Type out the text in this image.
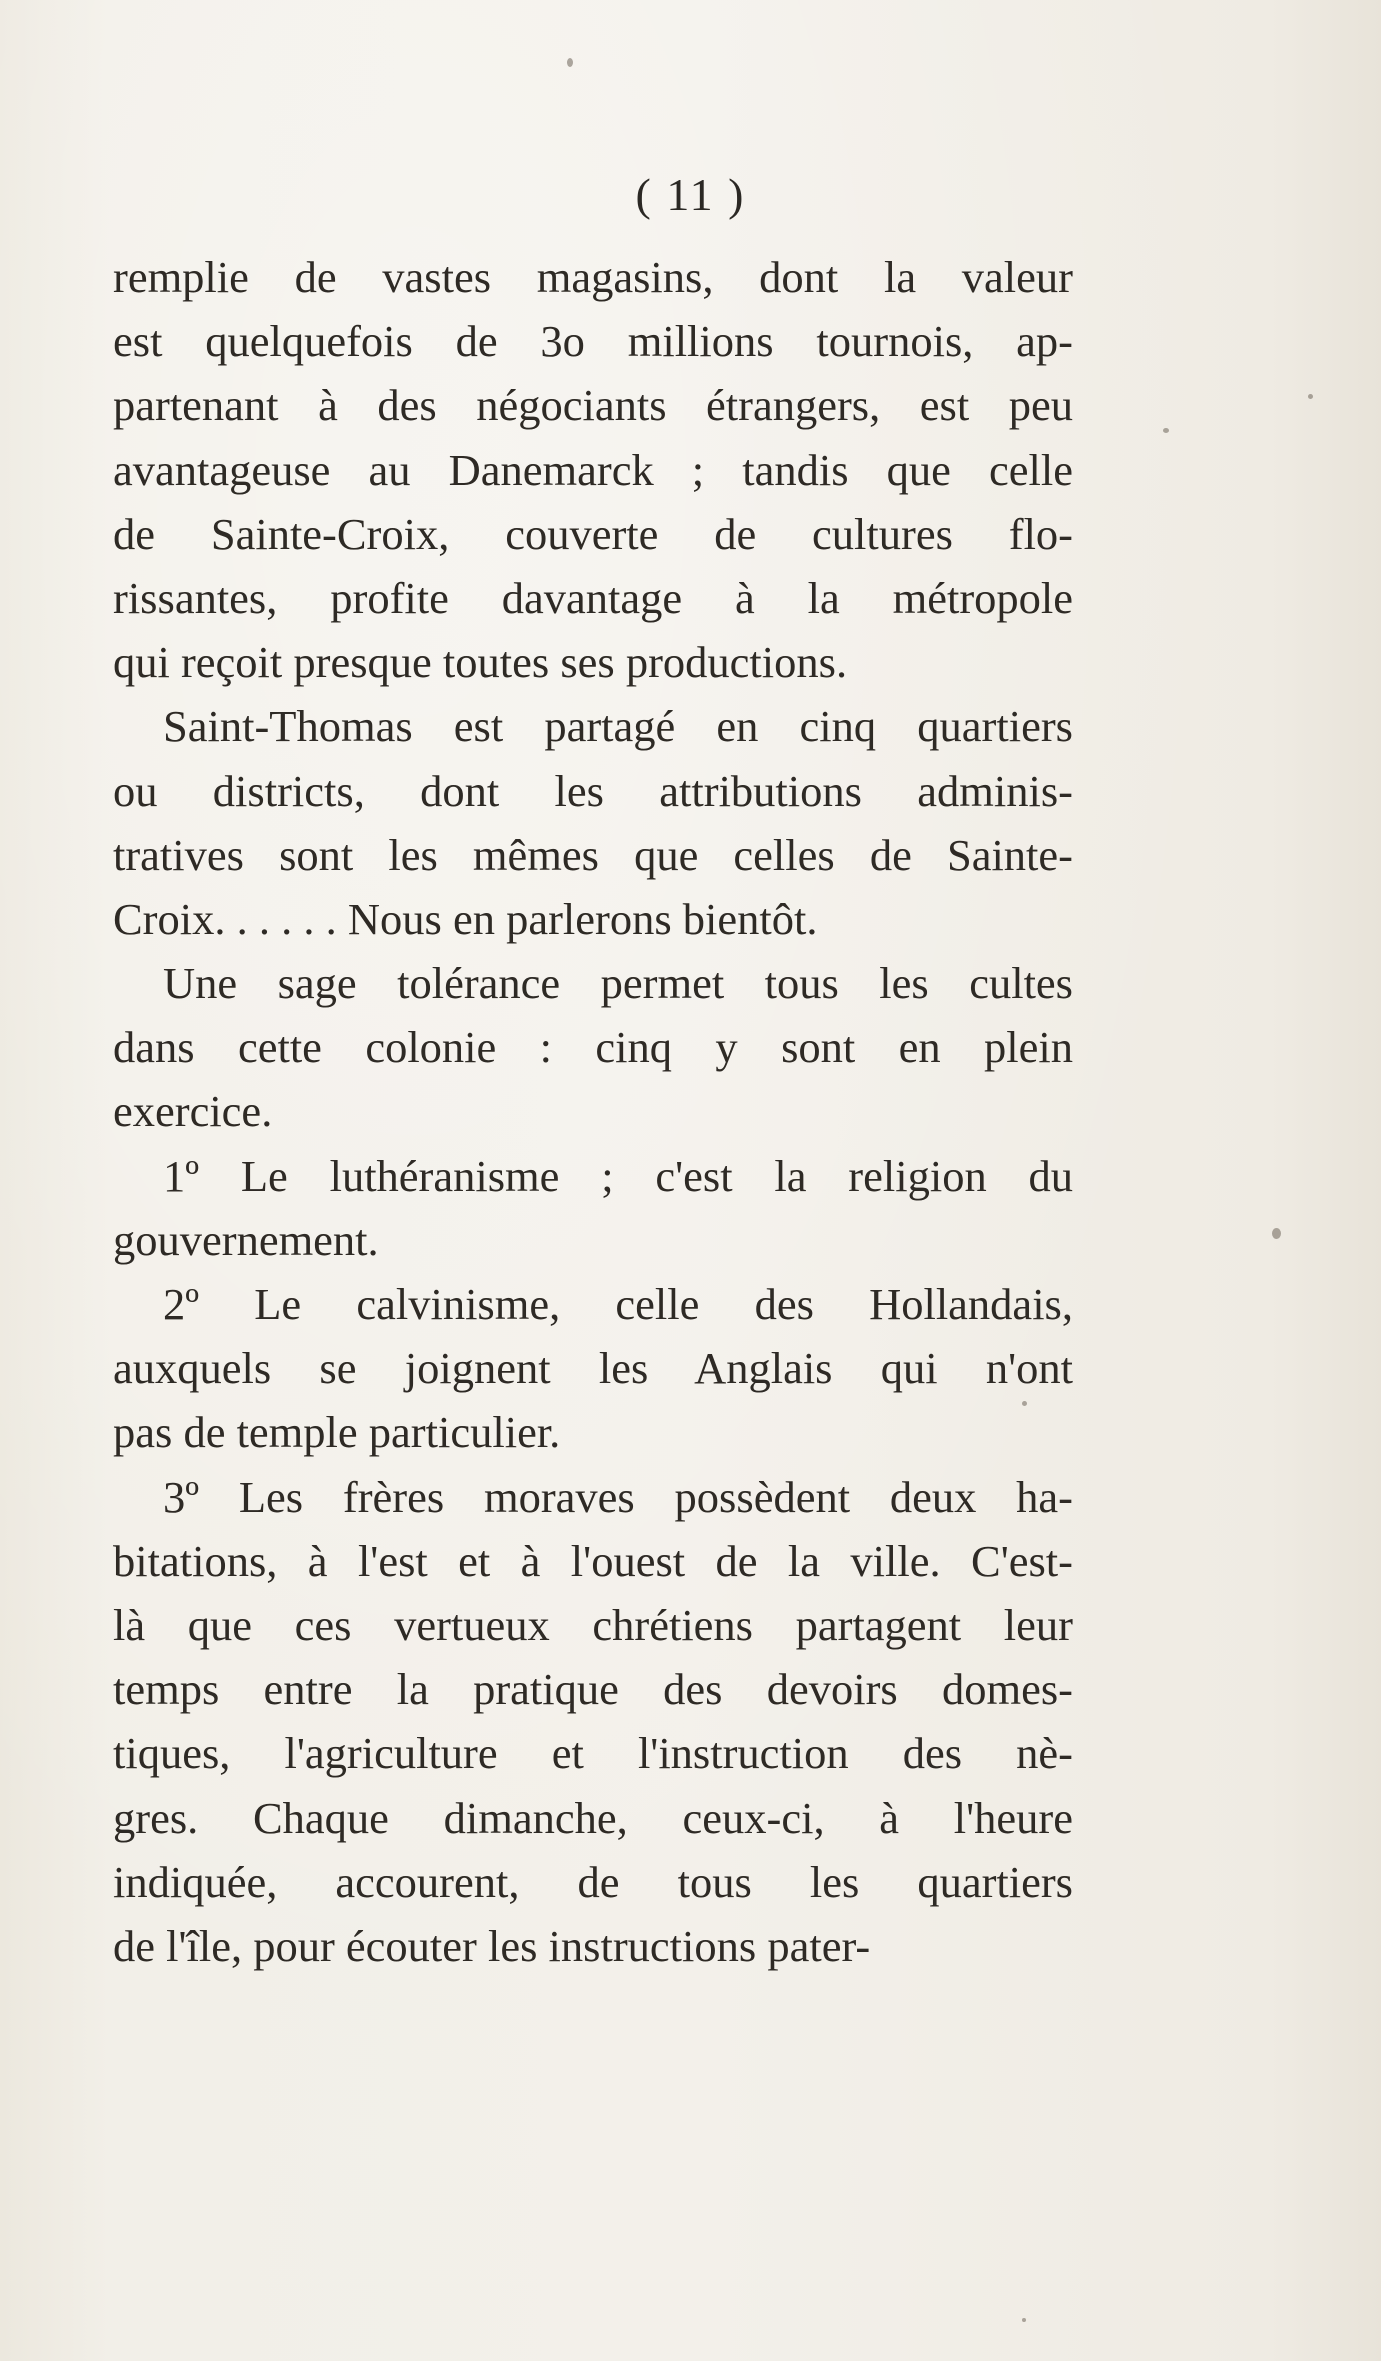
( 11 )
remplie de vastes magasins, dont la valeur
est quelquefois de 3o millions tournois, ap-
partenant à des négociants étrangers, est peu
avantageuse au Danemarck ; tandis que celle
de Sainte-Croix, couverte de cultures flo-
rissantes, profite davantage à la métropole
qui reçoit presque toutes ses productions.
Saint-Thomas est partagé en cinq quartiers
ou districts, dont les attributions adminis-
tratives sont les mêmes que celles de Sainte-
Croix. . . . . . Nous en parlerons bientôt.
Une sage tolérance permet tous les cultes
dans cette colonie : cinq y sont en plein
exercice.
1º Le luthéranisme ; c'est la religion du
gouvernement.
2º Le calvinisme, celle des Hollandais,
auxquels se joignent les Anglais qui n'ont
pas de temple particulier.
3º Les frères moraves possèdent deux ha-
bitations, à l'est et à l'ouest de la ville. C'est-
là que ces vertueux chrétiens partagent leur
temps entre la pratique des devoirs domes-
tiques, l'agriculture et l'instruction des nè-
gres. Chaque dimanche, ceux-ci, à l'heure
indiquée, accourent, de tous les quartiers
de l'île, pour écouter les instructions pater-
